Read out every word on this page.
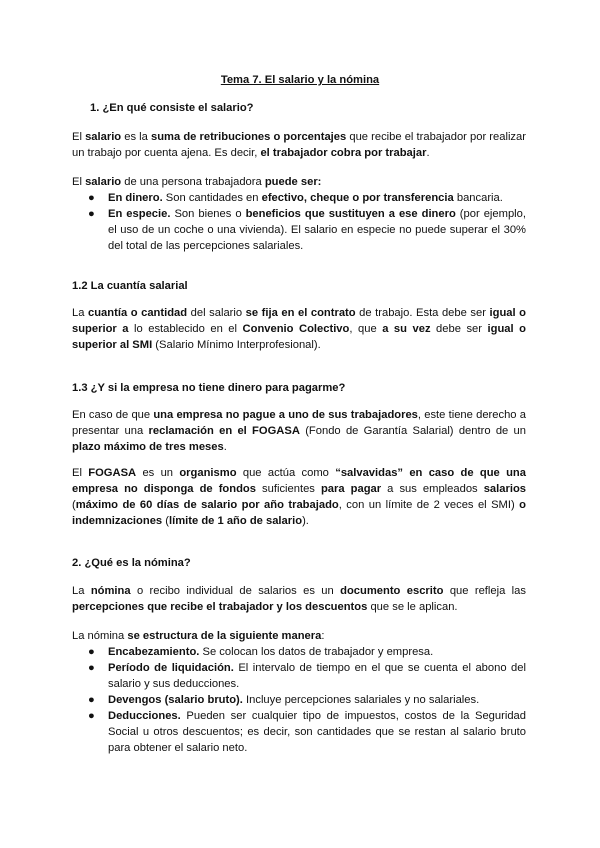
Tema 7. El salario y la nómina
1. ¿En qué consiste el salario?
El salario es la suma de retribuciones o porcentajes que recibe el trabajador por realizar un trabajo por cuenta ajena. Es decir, el trabajador cobra por trabajar.
El salario de una persona trabajadora puede ser:
● En dinero. Son cantidades en efectivo, cheque o por transferencia bancaria.
● En especie. Son bienes o beneficios que sustituyen a ese dinero (por ejemplo, el uso de un coche o una vivienda). El salario en especie no puede superar el 30% del total de las percepciones salariales.
1.2 La cuantía salarial
La cuantía o cantidad del salario se fija en el contrato de trabajo. Esta debe ser igual o superior a lo establecido en el Convenio Colectivo, que a su vez debe ser igual o superior al SMI (Salario Mínimo Interprofesional).
1.3 ¿Y si la empresa no tiene dinero para pagarme?
En caso de que una empresa no pague a uno de sus trabajadores, este tiene derecho a presentar una reclamación en el FOGASA (Fondo de Garantía Salarial) dentro de un plazo máximo de tres meses.
El FOGASA es un organismo que actúa como “salvavidas” en caso de que una empresa no disponga de fondos suficientes para pagar a sus empleados salarios (máximo de 60 días de salario por año trabajado, con un límite de 2 veces el SMI) o indemnizaciones (límite de 1 año de salario).
2. ¿Qué es la nómina?
La nómina o recibo individual de salarios es un documento escrito que refleja las percepciones que recibe el trabajador y los descuentos que se le aplican.
La nómina se estructura de la siguiente manera:
● Encabezamiento. Se colocan los datos de trabajador y empresa.
● Período de liquidación. El intervalo de tiempo en el que se cuenta el abono del salario y sus deducciones.
● Devengos (salario bruto). Incluye percepciones salariales y no salariales.
● Deducciones. Pueden ser cualquier tipo de impuestos, costos de la Seguridad Social u otros descuentos; es decir, son cantidades que se restan al salario bruto para obtener el salario neto.
